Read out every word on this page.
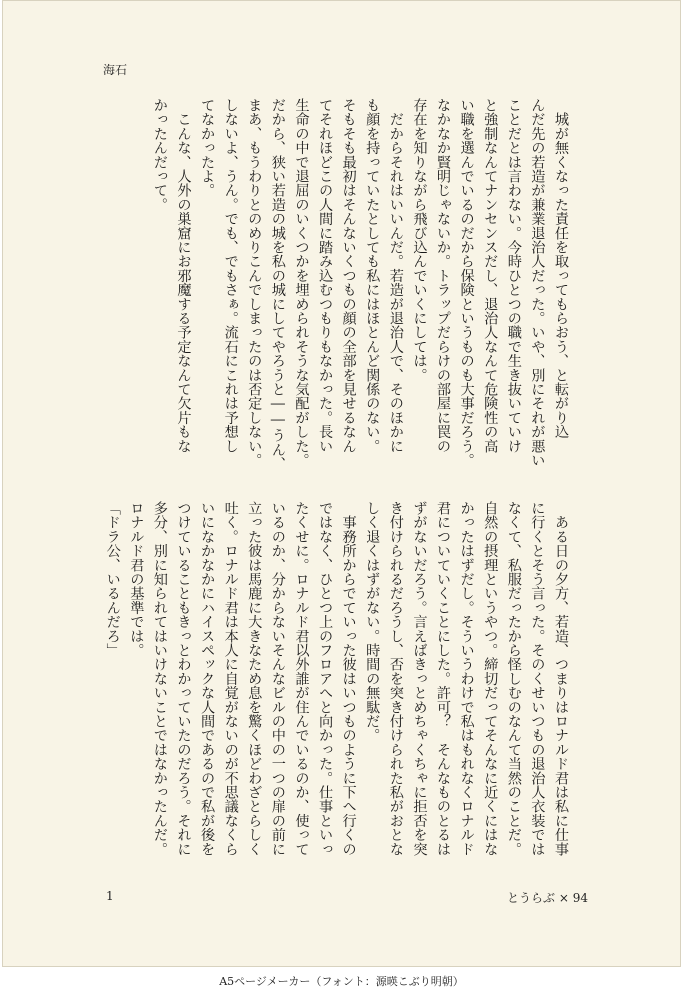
海石

　城が無くなった責任を取ってもらおう、と転がり込

んだ先の若造が兼業退治人だった。いや、別にそれが悪い

ことだとは言わない。今時ひとつの職で生き抜いていけ

と強制なんてナンセンスだし、退治人なんて危険性の高

い職を選んでいるのだから保険というものも大事だろう。

なかなか賢明じゃないか。トラップだらけの部屋に罠の

存在を知りながら飛び込んでいくにしては。

　だからそれはいいんだ。若造が退治人で、そのほかに

も顔を持っていたとしても私にはほとんど関係のない。

そもそも最初はそんないくつもの顔の全部を見せるなん

てそれほどこの人間に踏み込むつもりもなかった。長い

生命の中で退屈のいくつかを埋められそうな気配がした。

だから、狭い若造の城を私の城にしてやろうと――うん、

まあ、もうわりとのめりこんでしまったのは否定しない。

しないよ、うん。でも、でもさぁ。流石にこれは予想し

てなかったよ。

　こんな、人外の巣窟にお邪魔する予定なんて欠片もな

かったんだって。

　ある日の夕方、若造、つまりはロナルド君は私に仕事

に行くとそう言った。そのくせいつもの退治人衣装では

なくて、私服だったから怪しむのなんて当然のことだ。

自然の摂理というやつ。締切だってそんなに近くにはな

かったはずだし。そういうわけで私はもれなくロナルド

君についていくことにした。許可？　そんなものとるは

ずがないだろう。言えばきっとめちゃくちゃに拒否を突

き付けられるだろうし、否を突き付けられた私がおとな

しく退くはずがない。時間の無駄だ。

　事務所からでていった彼はいつものように下へ行くの

ではなく、ひとつ上のフロアへと向かった。仕事といっ

たくせに。ロナルド君以外誰が住んでいるのか、使って

いるのか、分からないそんなビルの中の一つの扉の前に

立った彼は馬鹿に大きなため息を驚くほどわざとらしく

吐く。ロナルド君は本人に自覚がないのが不思議なくら

いになかなかにハイスペックな人間であるので私が後を

つけていることもきっとわかっていたのだろう。それに

多分、別に知られてはいけないことではなかったんだ。

ロナルド君の基準では。

「ドラ公、いるんだろ」

1	とうらぶ × 94
A5ページメーカー（フォント：源暎こぶり明朝）
